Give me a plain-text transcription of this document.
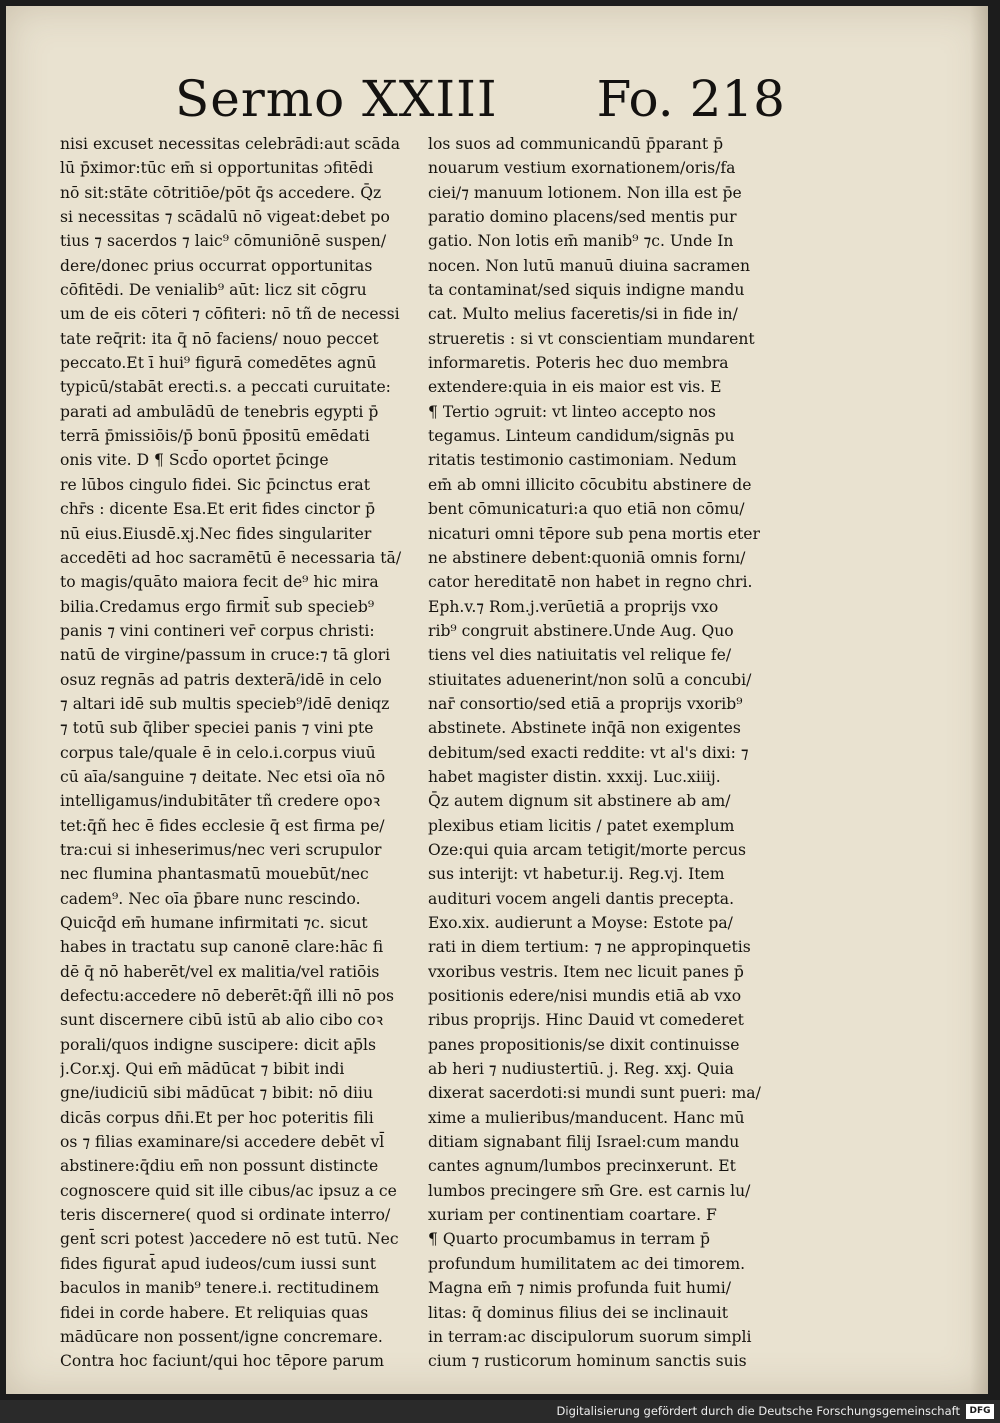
Sermo XXIII Fo. 218
nisi excuset necessitas celebrādi:aut scāda
lū p̄ximor:tūc em̄ si opportunitas ɔfitēdi
nō sit:stāte cōtritiōe/pōt q̄s accedere. Q̄z
si necessitas ⁊ scādalū nō vigeat:debet po
tius ⁊ sacerdos ⁊ laic⁹ cōmuniōnē suspen/
dere/donec prius occurrat opportunitas
cōfitēdi. De venialib⁹ aūt: licz sit cōgru
um de eis cōteri ⁊ cōfiteri: nō tñ de necessi
tate req̄rit: ita q̄ nō faciens/ nouo peccet
peccato.Et ī hui⁹ figurā comedētes agnū
typicū/stabāt erecti.s. a peccati curuitate:
parati ad ambulādū de tenebris egypti p̄
terrā p̄missiōis/p̄ bonū p̄positū emēdati
onis vite. D ¶ Scd̄o oportet p̄cinge
re lūbos cingulo fidei. Sic p̄cinctus erat
chr̄s : dicente Esa.Et erit fides cinctor p̄
nū eius.Eiusdē.xj.Nec fides singulariter
accedēti ad hoc sacramētū ē necessaria tā/
to magis/quāto maiora fecit de⁹ hic mira
bilia.Credamus ergo firmit̄ sub specieb⁹
panis ⁊ vini contineri ver̄ corpus christi:
natū de virgine/passum in cruce:⁊ tā glori
osuz regnās ad patris dexterā/idē in celo
⁊ altari idē sub multis specieb⁹/idē deniqz
⁊ totū sub q̄liber speciei panis ⁊ vini pte
corpus tale/quale ē in celo.i.corpus viuū
cū aīa/sanguine ⁊ deitate. Nec etsi oīa nō
intelligamus/indubitāter tñ credere opoꝛ
tet:q̄ñ hec ē fides ecclesie q̄ est firma pe/
tra:cui si inheserimus/nec veri scrupulor
nec flumina phantasmatū mouebūt/nec
cadem⁹. Nec oīa p̄bare nunc rescindo.
Quicq̄d em̄ humane infirmitati ⁊c. sicut
habes in tractatu sup canonē clare:hāc fi
dē q̄ nō haberēt/vel ex malitia/vel ratiōis
defectu:accedere nō deberēt:q̄ñ illi nō pos
sunt discernere cibū istū ab alio cibo coꝛ
porali/quos indigne suscipere: dicit ap̄ls
j.Cor.xj. Qui em̄ mādūcat ⁊ bibit indi
gne/iudiciū sibi mādūcat ⁊ bibit: nō diiu
dicās corpus dn̄i.Et per hoc poteritis fili
os ⁊ filias examinare/si accedere debēt vl̄
abstinere:q̄diu em̄ non possunt distincte
cognoscere quid sit ille cibus/ac ipsuz a ce
teris discernere( quod si ordinate interro/
gent̄ scri potest )accedere nō est tutū. Nec
fides figurat̄ apud iudeos/cum iussi sunt
baculos in manib⁹ tenere.i. rectitudinem
fidei in corde habere. Et reliquias quas
mādūcare non possent/igne concremare.
Contra hoc faciunt/qui hoc tēpore parum
los suos ad communicandū p̄parant p̄
nouarum vestium exornationem/oris/fa
ciei/⁊ manuum lotionem. Non illa est p̄e
paratio domino placens/sed mentis pur
gatio. Non lotis em̄ manib⁹ ⁊c. Unde In
nocen. Non lutū manuū diuina sacramen
ta contaminat/sed siquis indigne mandu
cat. Multo melius faceretis/si in fide in/
strueretis : si vt conscientiam mundarent
informaretis. Poteris hec duo membra
extendere:quia in eis maior est vis. E
¶ Tertio ɔgruit: vt linteo accepto nos
tegamus. Linteum candidum/signās pu
ritatis testimonio castimoniam. Nedum
em̄ ab omni illicito cōcubitu abstinere de
bent cōmunicaturi:a quo etiā non cōmu/
nicaturi omni tēpore sub pena mortis eter
ne abstinere debent:quoniā omnis fornı/
cator hereditatē non habet in regno chri.
Eph.v.⁊ Rom.j.verūetiā a proprijs vxo
rib⁹ congruit abstinere.Unde Aug. Quo
tiens vel dies natiuitatis vel relique fe/
stiuitates aduenerint/non solū a concubi/
nar̄ consortio/sed etiā a proprijs vxorib⁹
abstinete. Abstinete inq̄ā non exigentes
debitum/sed exacti reddite: vt al's dixi: ⁊
habet magister distin. xxxij. Luc.xiiij.
Q̄z autem dignum sit abstinere ab am/
plexibus etiam licitis / patet exemplum
Oze:qui quia arcam tetigit/morte percus
sus interijt: vt habetur.ij. Reg.vj. Item
audituri vocem angeli dantis precepta.
Exo.xix. audierunt a Moyse: Estote pa/
rati in diem tertium: ⁊ ne appropinquetis
vxoribus vestris. Item nec licuit panes p̄
positionis edere/nisi mundis etiā ab vxo
ribus proprijs. Hinc Dauid vt comederet
panes propositionis/se dixit continuisse
ab heri ⁊ nudiustertiū. j. Reg. xxj. Quia
dixerat sacerdoti:si mundi sunt pueri: ma/
xime a mulieribus/manducent. Hanc mū
ditiam signabant filij Israel:cum mandu
cantes agnum/lumbos precinxerunt. Et
lumbos precingere sm̄ Gre. est carnis lu/
xuriam per continentiam coartare. F
¶ Quarto procumbamus in terram p̄
profundum humilitatem ac dei timorem.
Magna em̄ ⁊ nimis profunda fuit humi/
litas: q̄ dominus filius dei se inclinauit
in terram:ac discipulorum suorum simpli
cium ⁊ rusticorum hominum sanctis suis
Digitalisierung gefördert durch die Deutsche Forschungsgemeinschaft	DFG
